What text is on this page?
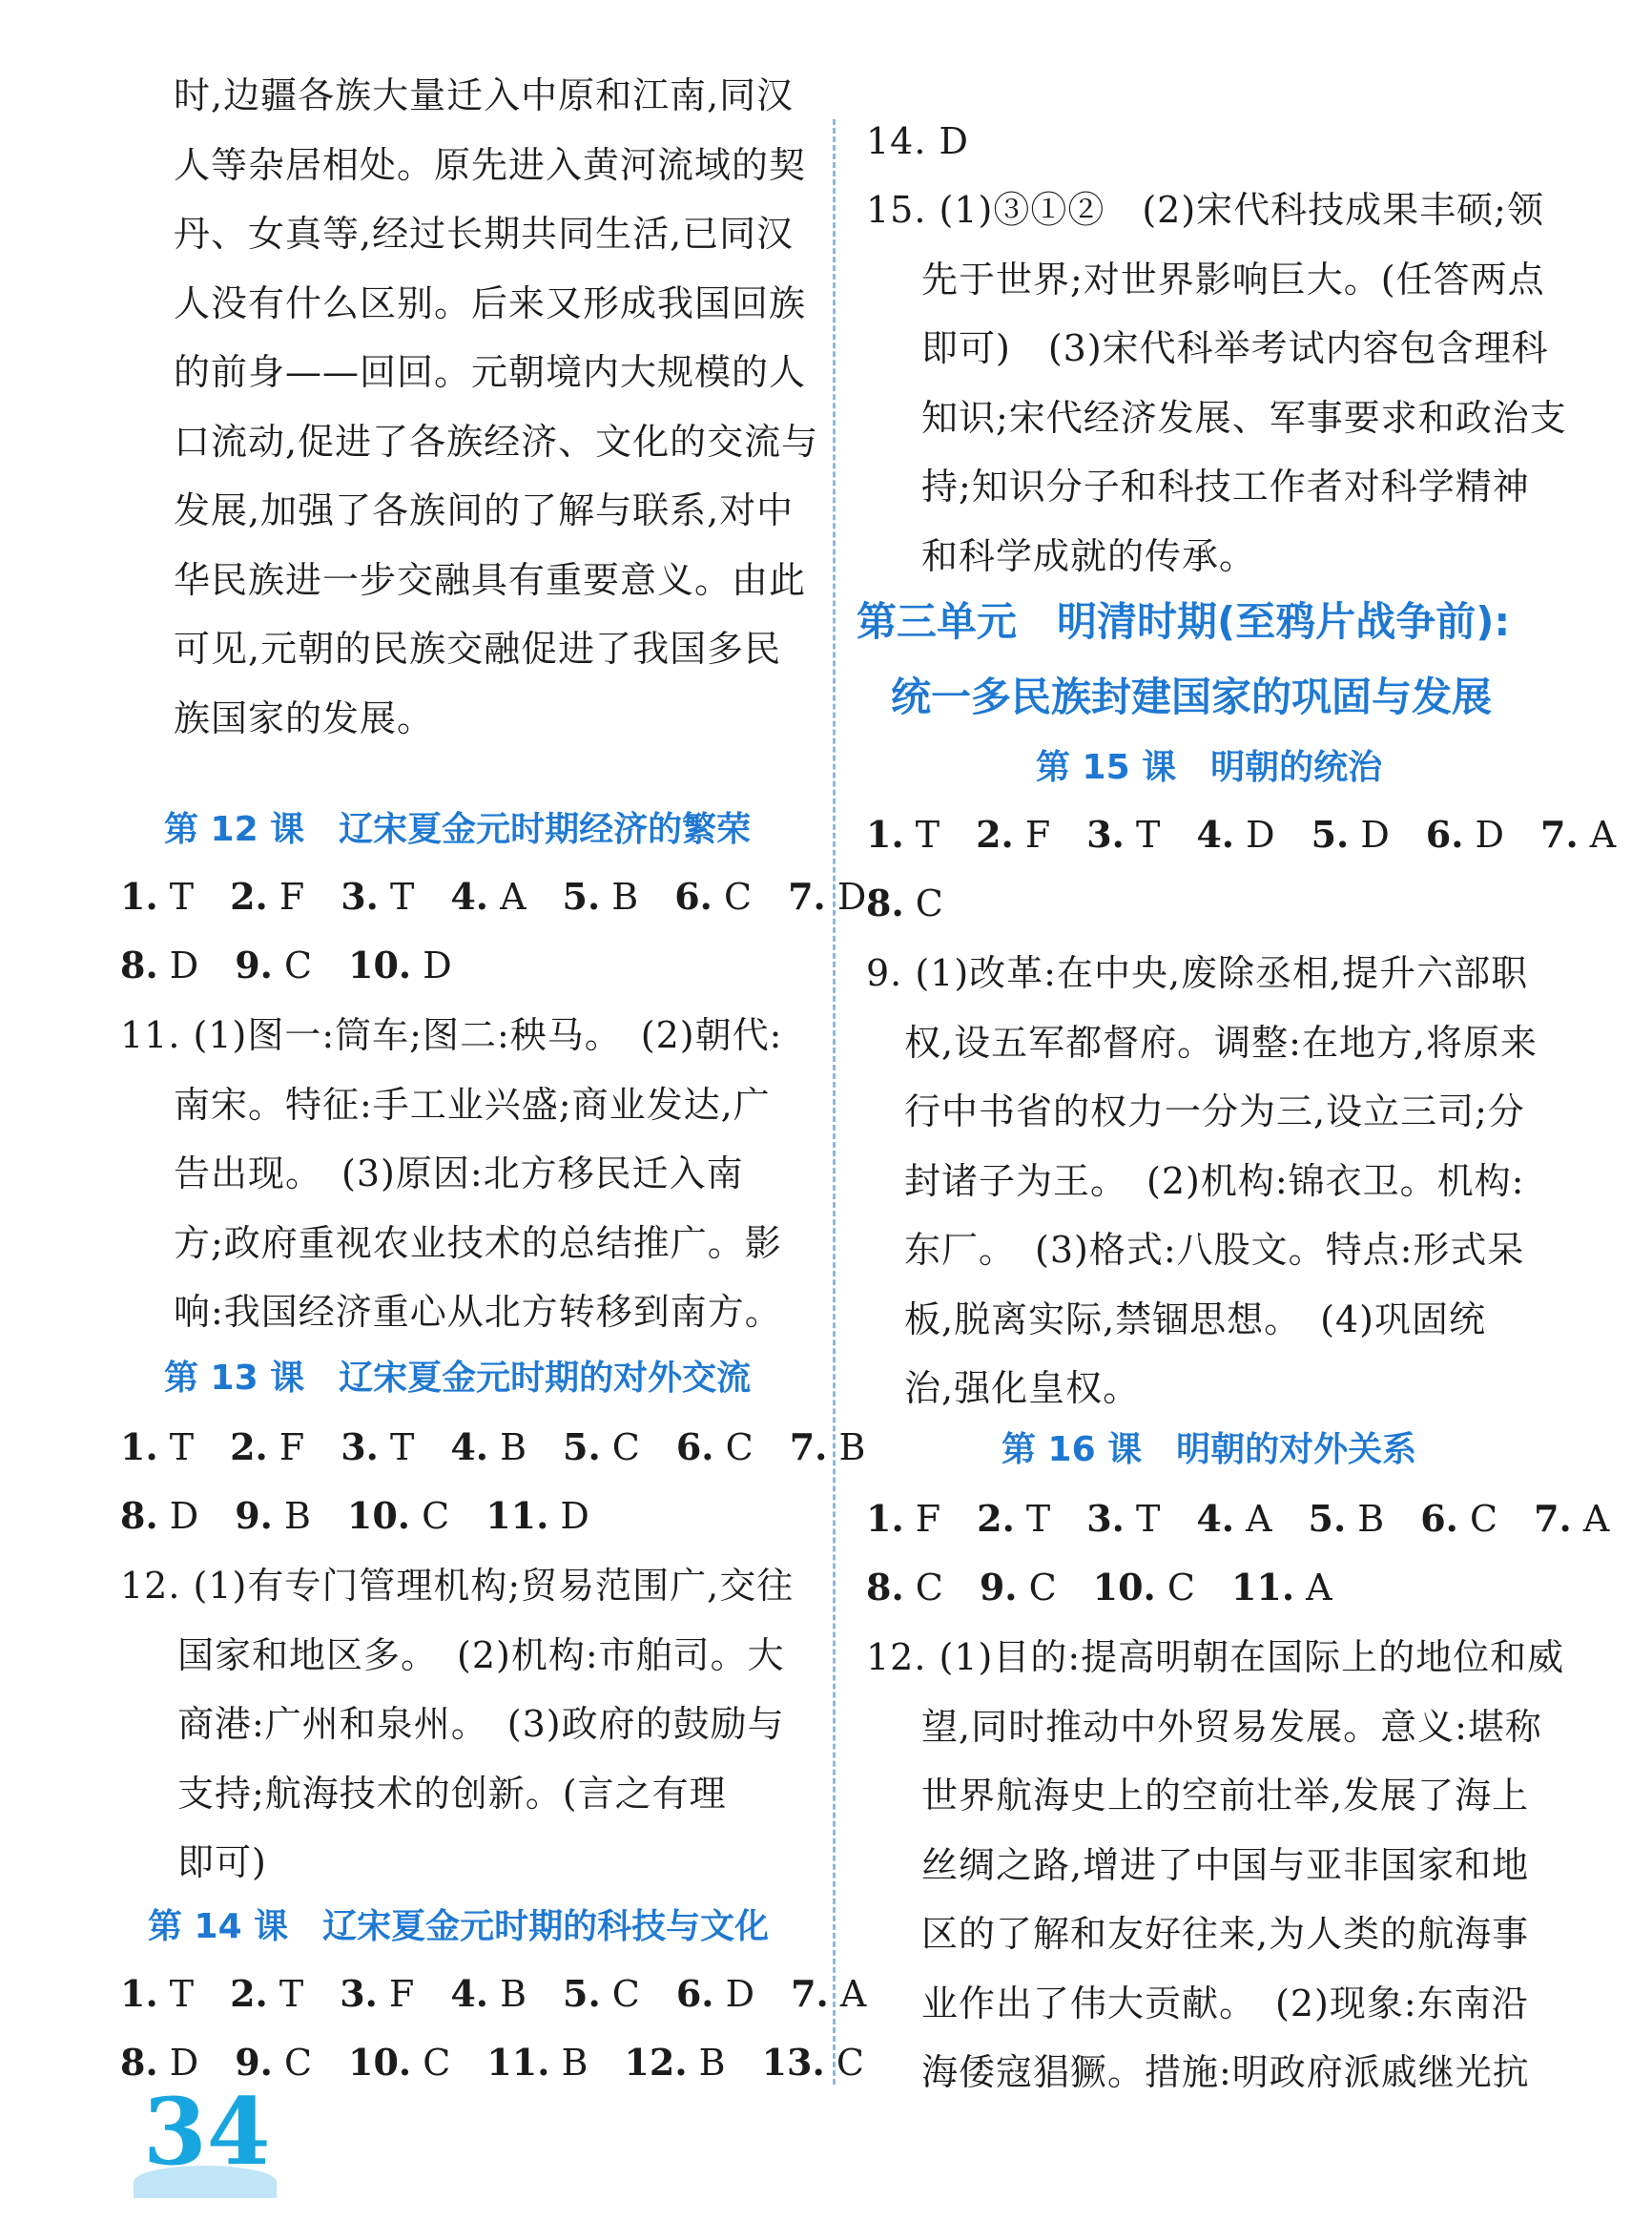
时,边疆各族大量迁入中原和江南,同汉
人等杂居相处。原先进入黄河流域的契
丹、女真等,经过长期共同生活,已同汉
人没有什么区别。后来又形成我国回族
的前身——回回。元朝境内大规模的人
口流动,促进了各族经济、文化的交流与
发展,加强了各族间的了解与联系,对中
华民族进一步交融具有重要意义。由此
可见,元朝的民族交融促进了我国多民
族国家的发展。
第 12 课　辽宋夏金元时期经济的繁荣
1. T 2. F 3. T 4. A 5. B 6. C 7. D
8. D 9. C 10. D
11. (1)图一:筒车;图二:秧马。　(2)朝代:
南宋。特征:手工业兴盛;商业发达,广
告出现。　(3)原因:北方移民迁入南
方;政府重视农业技术的总结推广。影
响:我国经济重心从北方转移到南方。
第 13 课　辽宋夏金元时期的对外交流
1. T 2. F 3. T 4. B 5. C 6. C 7. B
8. D 9. B 10. C 11. D
12. (1)有专门管理机构;贸易范围广,交往
国家和地区多。　(2)机构:市舶司。大
商港:广州和泉州。　(3)政府的鼓励与
支持;航海技术的创新。(言之有理
即可)
第 14 课　辽宋夏金元时期的科技与文化
1. T 2. T 3. F 4. B 5. C 6. D 7. A
8. D 9. C 10. C 11. B 12. B 13. C
34
14. D
15. (1)③①②　(2)宋代科技成果丰硕;领
先于世界;对世界影响巨大。(任答两点
即可)　(3)宋代科举考试内容包含理科
知识;宋代经济发展、军事要求和政治支
持;知识分子和科技工作者对科学精神
和科学成就的传承。
第三单元　明清时期(至鸦片战争前):
统一多民族封建国家的巩固与发展
第 15 课　明朝的统治
1. T 2. F 3. T 4. D 5. D 6. D 7. A
8. C
9. (1)改革:在中央,废除丞相,提升六部职
权,设五军都督府。调整:在地方,将原来
行中书省的权力一分为三,设立三司;分
封诸子为王。　(2)机构:锦衣卫。机构:
东厂。　(3)格式:八股文。特点:形式呆
板,脱离实际,禁锢思想。　(4)巩固统
治,强化皇权。
第 16 课　明朝的对外关系
1. F 2. T 3. T 4. A 5. B 6. C 7. A
8. C 9. C 10. C 11. A
12. (1)目的:提高明朝在国际上的地位和威
望,同时推动中外贸易发展。意义:堪称
世界航海史上的空前壮举,发展了海上
丝绸之路,增进了中国与亚非国家和地
区的了解和友好往来,为人类的航海事
业作出了伟大贡献。　(2)现象:东南沿
海倭寇猖獗。措施:明政府派戚继光抗
